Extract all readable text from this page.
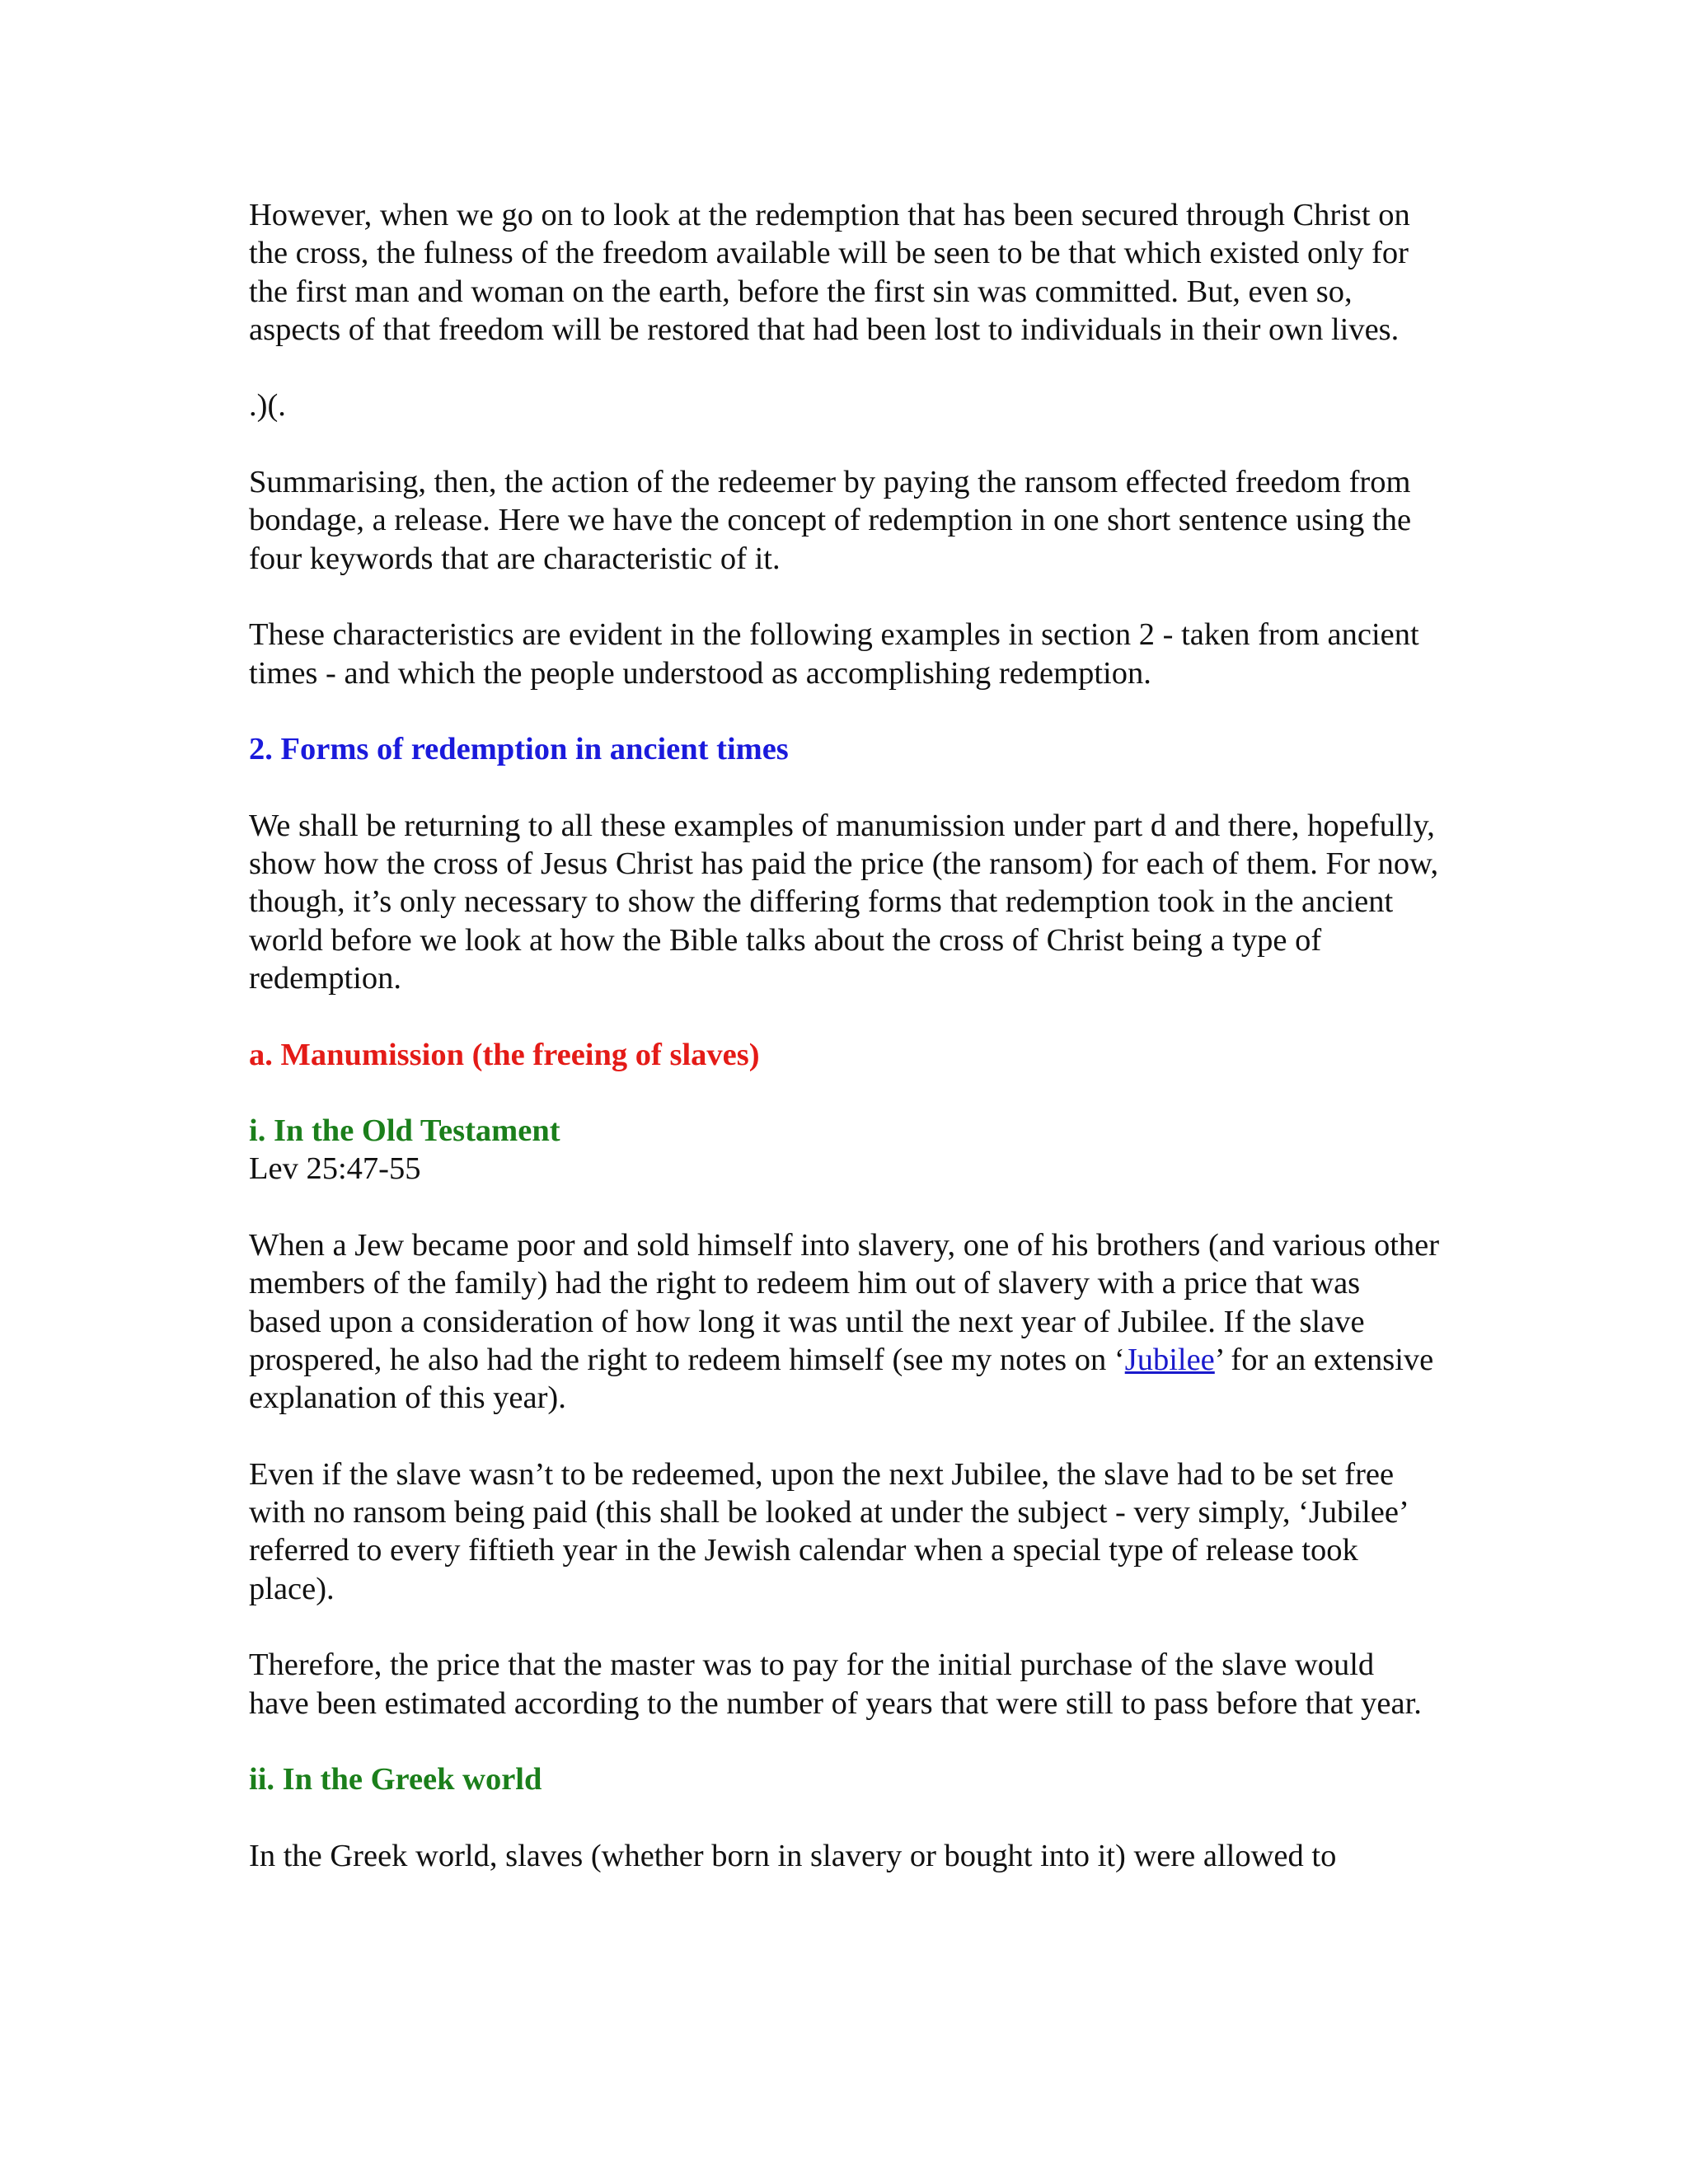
However, when we go on to look at the redemption that has been secured through Christ on the cross, the fulness of the freedom available will be seen to be that which existed only for the first man and woman on the earth, before the first sin was committed. But, even so, aspects of that freedom will be restored that had been lost to individuals in their own lives.

.)(.

Summarising, then, the action of the redeemer by paying the ransom effected freedom from bondage, a release. Here we have the concept of redemption in one short sentence using the four keywords that are characteristic of it.

These characteristics are evident in the following examples in section 2 - taken from ancient times - and which the people understood as accomplishing redemption.

2. Forms of redemption in ancient times

We shall be returning to all these examples of manumission under part d and there, hopefully, show how the cross of Jesus Christ has paid the price (the ransom) for each of them. For now, though, it’s only necessary to show the differing forms that redemption took in the ancient world before we look at how the Bible talks about the cross of Christ being a type of redemption.

a. Manumission (the freeing of slaves)
i. In the Old Testament

Lev 25:47-55

When a Jew became poor and sold himself into slavery, one of his brothers (and various other members of the family) had the right to redeem him out of slavery with a price that was based upon a consideration of how long it was until the next year of Jubilee. If the slave prospered, he also had the right to redeem himself (see my notes on ‘Jubilee’ for an extensive explanation of this year).

Even if the slave wasn’t to be redeemed, upon the next Jubilee, the slave had to be set free with no ransom being paid (this shall be looked at under the subject - very simply, ‘Jubilee’ referred to every fiftieth year in the Jewish calendar when a special type of release took place).

Therefore, the price that the master was to pay for the initial purchase of the slave would have been estimated according to the number of years that were still to pass before that year.

ii. In the Greek world

In the Greek world, slaves (whether born in slavery or bought into it) were allowed to
